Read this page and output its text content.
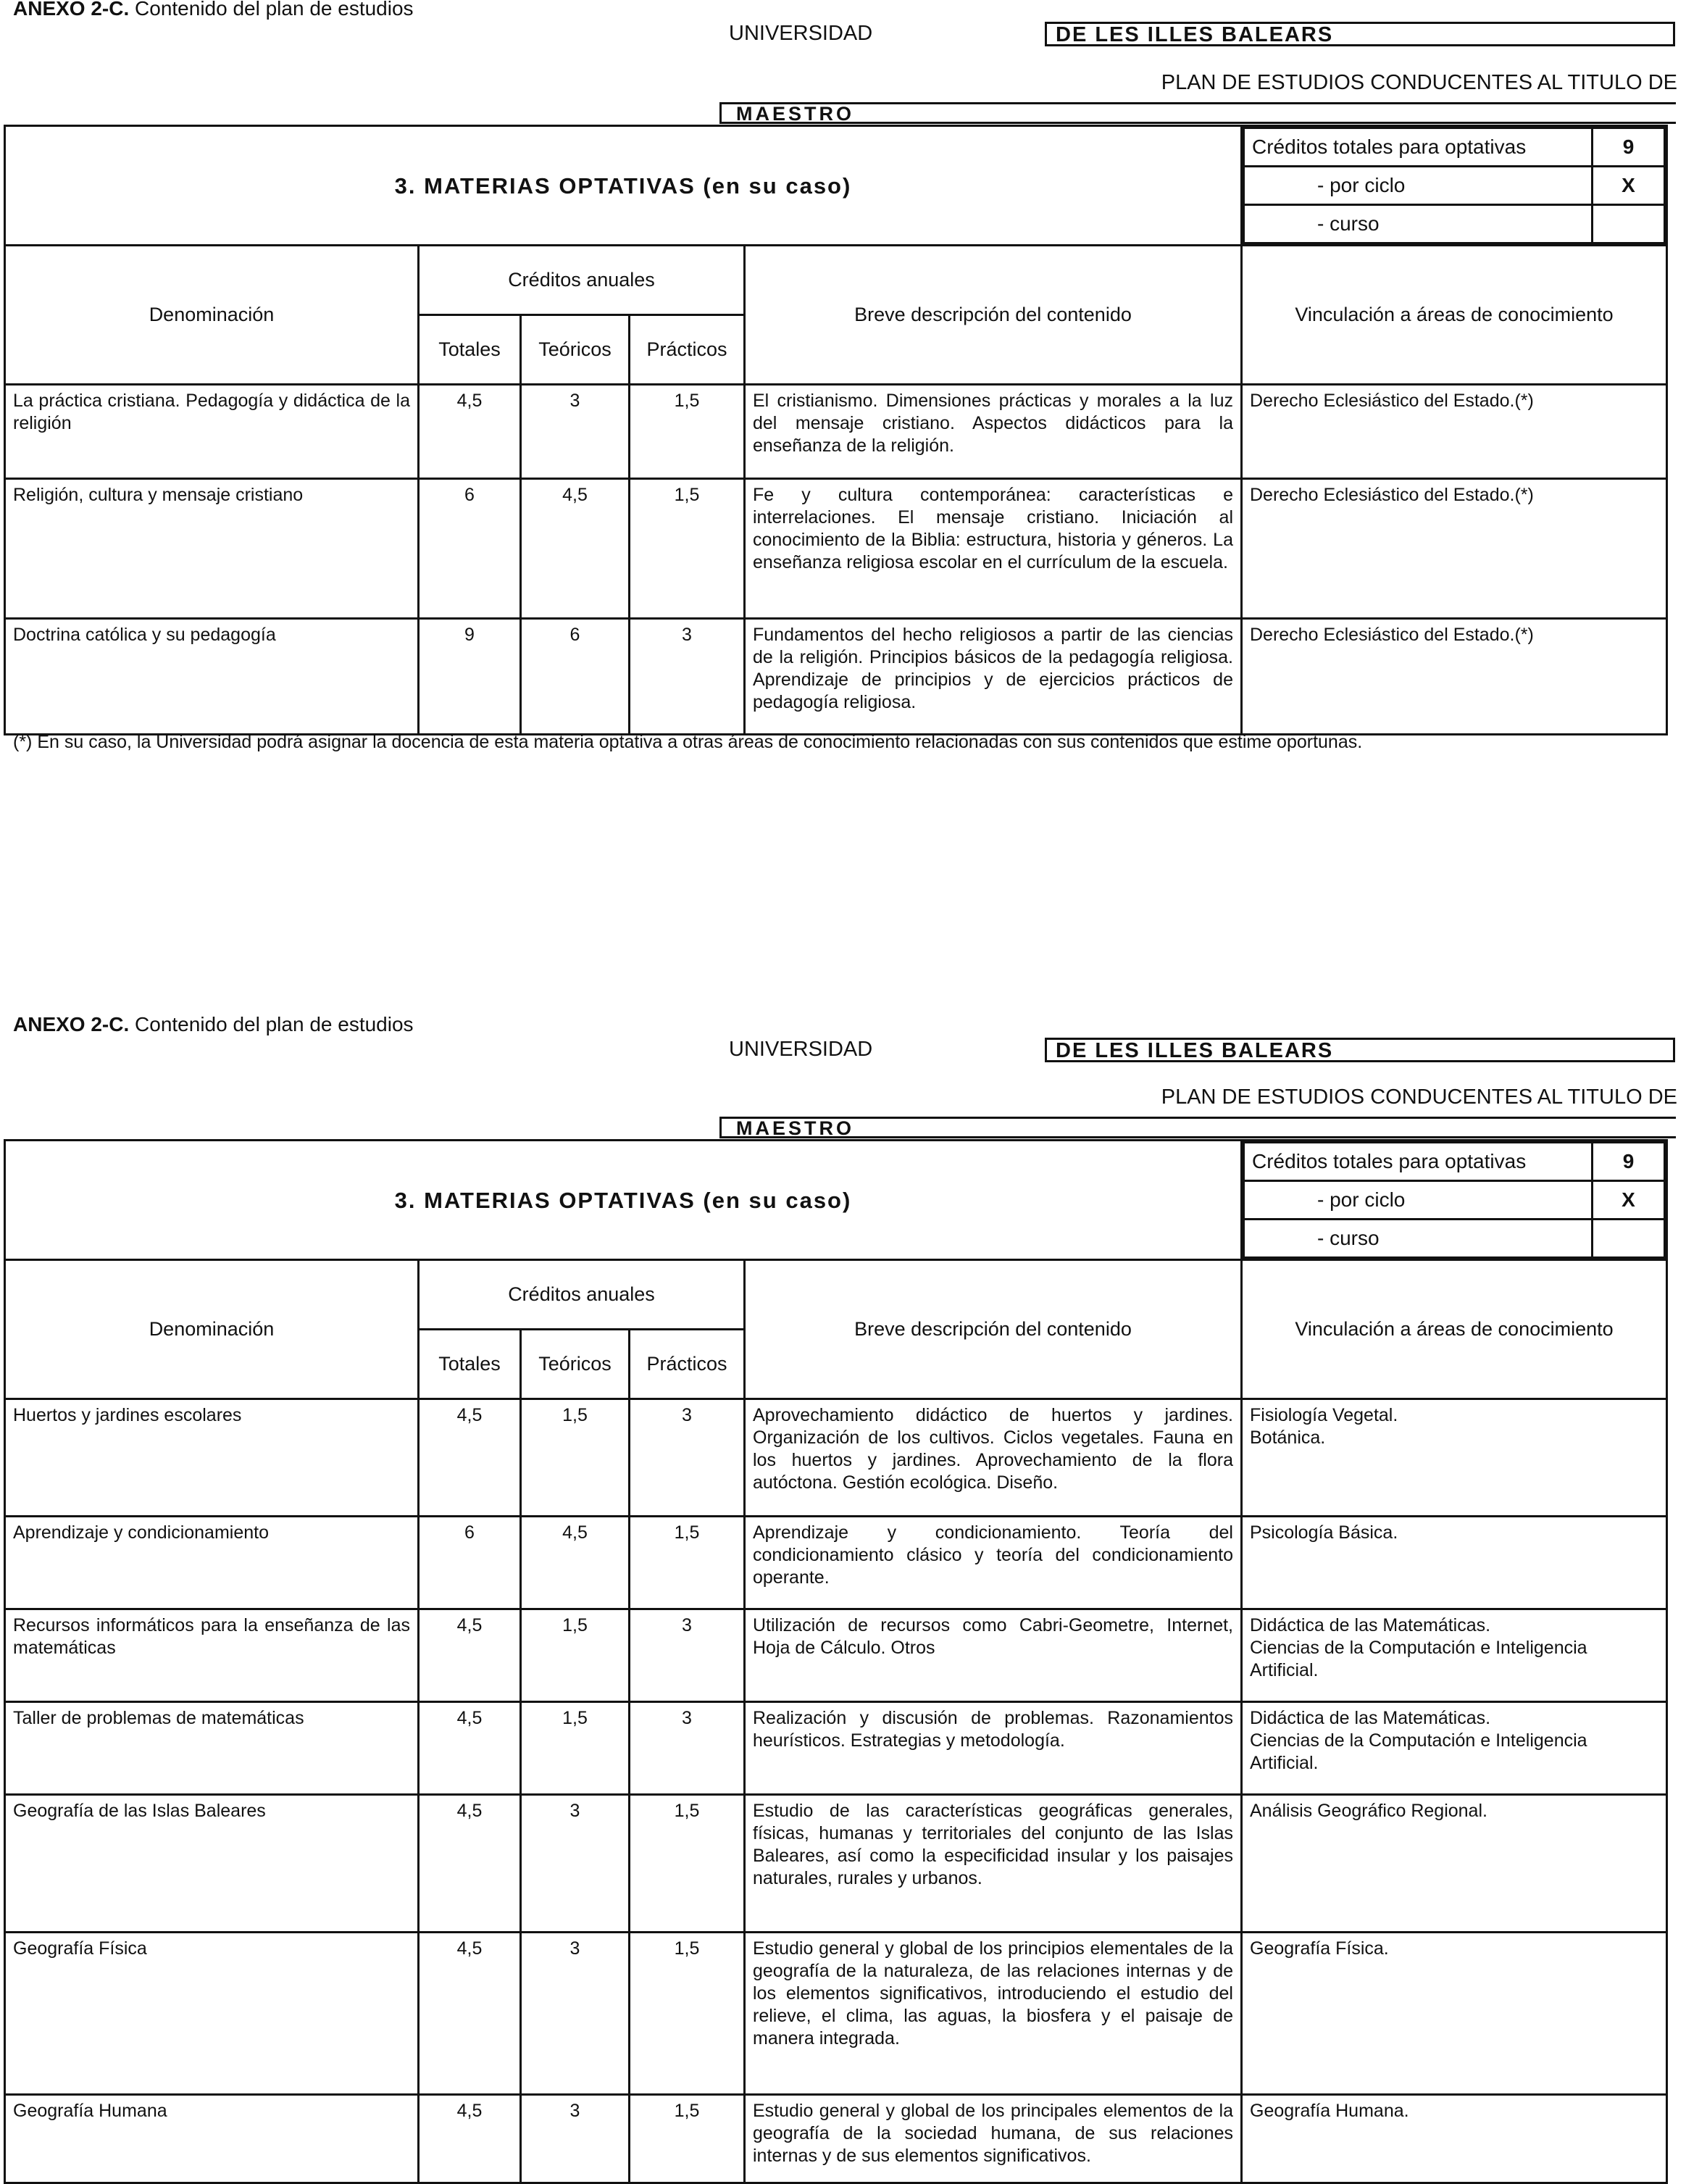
ANEXO 2-C. Contenido del plan de estudios
UNIVERSIDAD	DE LES ILLES BALEARS
PLAN DE ESTUDIOS CONDUCENTES AL TITULO DE
MAESTRO
3. MATERIAS OPTATIVAS (en su caso)	
Créditos totales para optativas	9
- por ciclo	X
- curso	

Denominación	Créditos anuales	Breve descripción del contenido	Vinculación a áreas de conocimiento
Totales	Teóricos	Prácticos
La práctica cristiana. Pedagogía y didáctica de la religión	4,5	3	1,5	El cristianismo. Dimensiones prácticas y morales a la luz del mensaje cristiano. Aspectos didácticos para la enseñanza de la religión.	Derecho Eclesiástico del Estado.(*)
Religión, cultura y mensaje cristiano	6	4,5	1,5	Fe y cultura contemporánea: características e interrelaciones. El mensaje cristiano. Iniciación al conocimiento de la Biblia: estructura, historia y géneros. La enseñanza religiosa escolar en el currículum de la escuela.	Derecho Eclesiástico del Estado.(*)
Doctrina católica y su pedagogía	9	6	3	Fundamentos del hecho religiosos a partir de las ciencias de la religión. Principios básicos de la pedagogía religiosa. Aprendizaje de principios y de ejercicios prácticos de pedagogía religiosa.	Derecho Eclesiástico del Estado.(*)
(*) En su caso, la Universidad podrá asignar la docencia de esta materia optativa a otras áreas de conocimiento relacionadas con sus contenidos que estime oportunas.
ANEXO 2-C. Contenido del plan de estudios
UNIVERSIDAD	DE LES ILLES BALEARS
PLAN DE ESTUDIOS CONDUCENTES AL TITULO DE
MAESTRO
3. MATERIAS OPTATIVAS (en su caso)	
Créditos totales para optativas	9
- por ciclo	X
- curso	

Denominación	Créditos anuales	Breve descripción del contenido	Vinculación a áreas de conocimiento
Totales	Teóricos	Prácticos
Huertos y jardines escolares	4,5	1,5	3	Aprovechamiento didáctico de huertos y jardines. Organización de los cultivos. Ciclos vegetales. Fauna en los huertos y jardines. Aprovechamiento de la flora autóctona. Gestión ecológica. Diseño.	Fisiología Vegetal.
Botánica.
Aprendizaje y condicionamiento	6	4,5	1,5	Aprendizaje y condicionamiento. Teoría del condicionamiento clásico y teoría del condicionamiento operante.	Psicología Básica.
Recursos informáticos para la enseñanza de las matemáticas	4,5	1,5	3	Utilización de recursos como Cabri-Geometre, Internet, Hoja de Cálculo. Otros	Didáctica de las Matemáticas.
Ciencias de la Computación e Inteligencia Artificial.
Taller de problemas de matemáticas	4,5	1,5	3	Realización y discusión de problemas. Razonamientos heurísticos. Estrategias y metodología.	Didáctica de las Matemáticas.
Ciencias de la Computación e Inteligencia Artificial.
Geografía de las Islas Baleares	4,5	3	1,5	Estudio de las características geográficas generales, físicas, humanas y territoriales del conjunto de las Islas Baleares, así como la especificidad insular y los paisajes naturales, rurales y urbanos.	Análisis Geográfico Regional.
Geografía Física	4,5	3	1,5	Estudio general y global de los principios elementales de la geografía de la naturaleza, de las relaciones internas y de los elementos significativos, introduciendo el estudio del relieve, el clima, las aguas, la biosfera y el paisaje de manera integrada.	Geografía Física.
Geografía Humana	4,5	3	1,5	Estudio general y global de los principales elementos de la geografía de la sociedad humana, de sus relaciones internas y de sus elementos significativos.	Geografía Humana.
